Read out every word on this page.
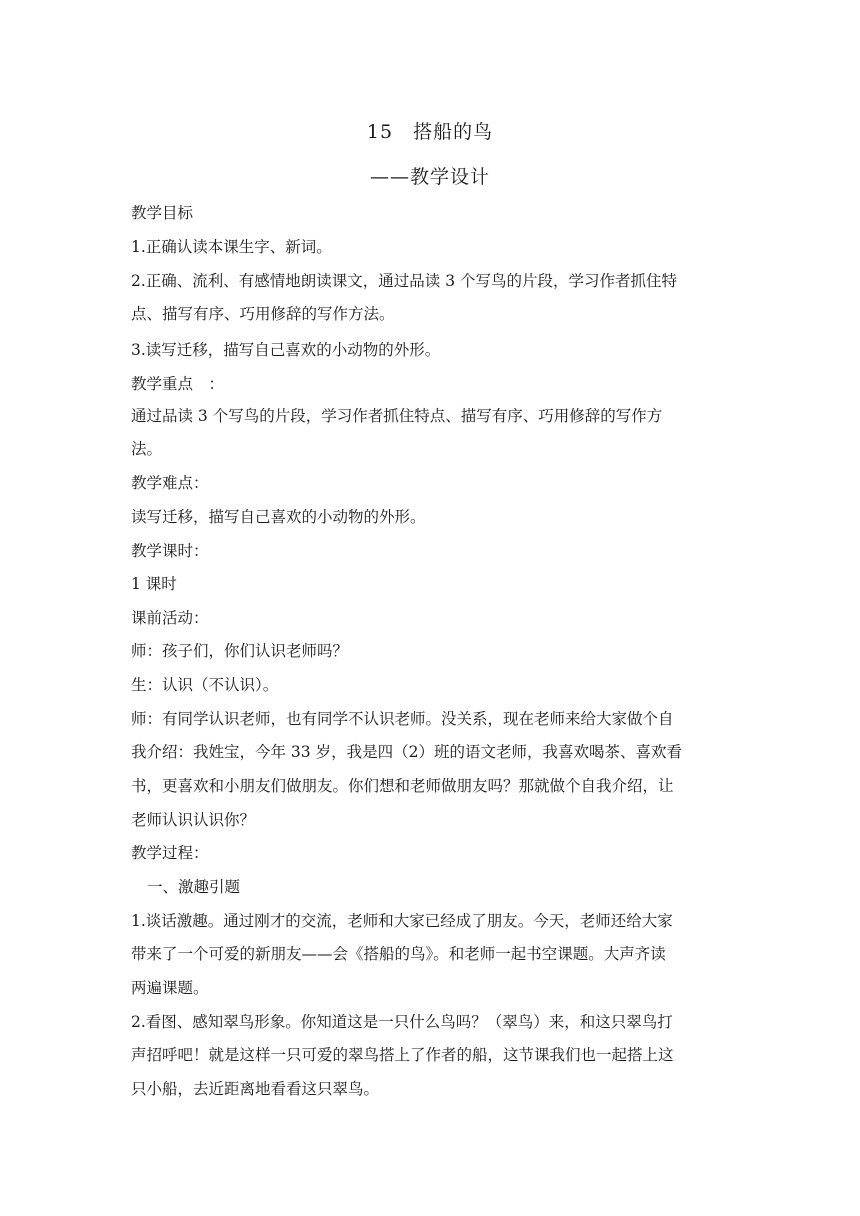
15　搭船的鸟
——教学设计
教学目标
1.正确认读本课生字、新词。
2.正确、流利、有感情地朗读课文，通过品读 3 个写鸟的片段，学习作者抓住特
点、描写有序、巧用修辞的写作方法。
3.读写迁移，描写自己喜欢的小动物的外形。
教学重点　：
通过品读 3 个写鸟的片段，学习作者抓住特点、描写有序、巧用修辞的写作方
法。
教学难点：
读写迁移，描写自己喜欢的小动物的外形。
教学课时：
1 课时
课前活动：
师：孩子们，你们认识老师吗？
生：认识（不认识）。
师：有同学认识老师，也有同学不认识老师。没关系，现在老师来给大家做个自
我介绍：我姓宝，今年 33 岁，我是四（2）班的语文老师，我喜欢喝茶、喜欢看
书，更喜欢和小朋友们做朋友。你们想和老师做朋友吗？那就做个自我介绍，让
老师认识认识你？
教学过程：
一、激趣引题
1.谈话激趣。通过刚才的交流，老师和大家已经成了朋友。今天，老师还给大家
带来了一个可爱的新朋友——会《搭船的鸟》。和老师一起书空课题。大声齐读
两遍课题。
2.看图、感知翠鸟形象。你知道这是一只什么鸟吗？（翠鸟）来，和这只翠鸟打
声招呼吧！就是这样一只可爱的翠鸟搭上了作者的船，这节课我们也一起搭上这
只小船，去近距离地看看这只翠鸟。
